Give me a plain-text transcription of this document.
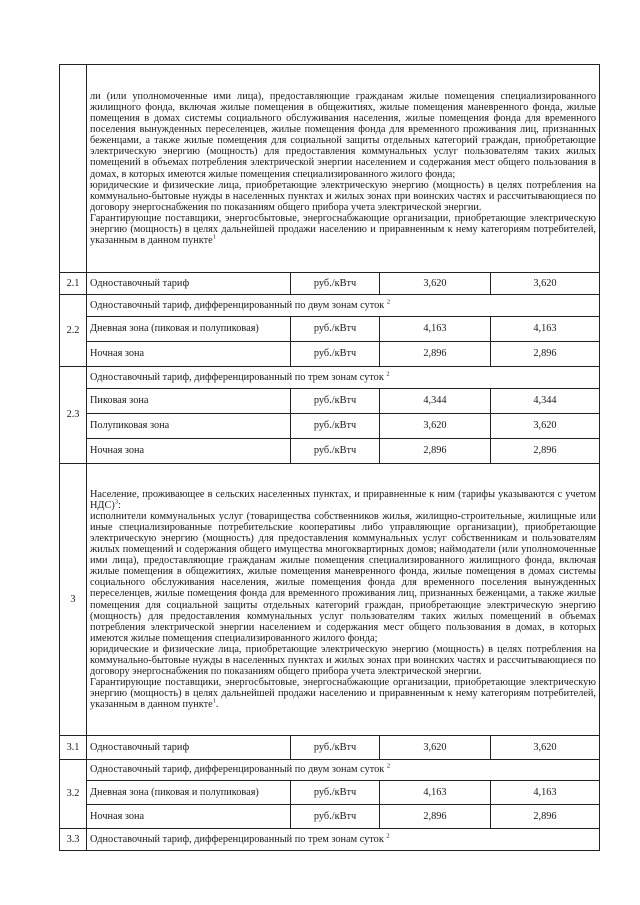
	ли (или уполномоченные ими лица), предоставляющие гражданам жилые помещения специализированного жилищного фонда, включая жилые помещения в общежитиях, жилые помещения маневренного фонда, жилые помещения в домах системы социального обслуживания населения, жилые помещения фонда для временного поселения вынужденных переселенцев, жилые помещения фонда для временного проживания лиц, признанных беженцами, а также жилые помещения для социальной защиты отдельных категорий граждан, приобретающие электрическую энергию (мощность) для предоставления коммунальных услуг пользователям таких жилых помещений в объемах потребления электрической энергии населением и содержания мест общего пользования в домах, в которых имеются жилые помещения специализированного жилого фонда;

юридические и физические лица, приобретающие электрическую энергию (мощность) в целях потребления на коммунально-бытовые нужды в населенных пунктах и жилых зонах при воинских частях и рассчитывающиеся по договору энергоснабжения по показаниям общего прибора учета электрической энергии.

Гарантирующие поставщики, энергосбытовые, энергоснабжающие организации, приобретающие электрическую энергию (мощность) в целях дальнейшей продажи населению и приравненным к нему категориям потребителей, указанным в данном пункте$^1$

2.1	Одноставочный тариф	руб./кВтч	3,620	3,620
2.2	Одноставочный тариф, дифференцированный по двум зонам суток $^2$
	Дневная зона (пиковая и полупиковая)	руб./кВтч	4,163	4,163
	Ночная зона	руб./кВтч	2,896	2,896
2.3	Одноставочный тариф, дифференцированный по трем зонам суток $^2$
	Пиковая зона	руб./кВтч	4,344	4,344
	Полупиковая зона	руб./кВтч	3,620	3,620
	Ночная зона	руб./кВтч	2,896	2,896
3	Население, проживающее в сельских населенных пунктах, и приравненные к ним (тарифы указываются с учетом НДС)$^3$:

исполнители коммунальных услуг (товарищества собственников жилья, жилищно-строительные, жилищные или иные специализированные потребительские кооперативы либо управляющие организации), приобретающие электрическую энергию (мощность) для предоставления коммунальных услуг собственникам и пользователям жилых помещений и содержания общего имущества многоквартирных домов; наймодатели (или уполномоченные ими лица), предоставляющие гражданам жилые помещения специализированного жилищного фонда, включая жилые помещения в общежитиях, жилые помещения маневренного фонда, жилые помещения в домах системы социального обслуживания населения, жилые помещения фонда для временного поселения вынужденных переселенцев, жилые помещения фонда для временного проживания лиц, признанных беженцами, а также жилые помещения для социальной защиты отдельных категорий граждан, приобретающие электрическую энергию (мощность) для предоставления коммунальных услуг пользователям таких жилых помещений в объемах потребления электрической энергии населением и содержания мест общего пользования в домах, в которых имеются жилые помещения специализированного жилого фонда;

юридические и физические лица, приобретающие электрическую энергию (мощность) в целях потребления на коммунально-бытовые нужды в населенных пунктах и жилых зонах при воинских частях и рассчитывающиеся по договору энергоснабжения по показаниям общего прибора учета электрической энергии.

Гарантирующие поставщики, энергосбытовые, энергоснабжающие организации, приобретающие электрическую энергию (мощность) в целях дальнейшей продажи населению и приравненным к нему категориям потребителей, указанным в данном пункте$^1$.			

3.1	Одноставочный тариф	руб./кВтч	3,620	3,620
3.2	Одноставочный тариф, дифференцированный по двум зонам суток $^2$
	Дневная зона (пиковая и полупиковая)	руб./кВтч	4,163	4,163
	Ночная зона	руб./кВтч	2,896	2,896
3.3	Одноставочный тариф, дифференцированный по трем зонам суток $^2$
